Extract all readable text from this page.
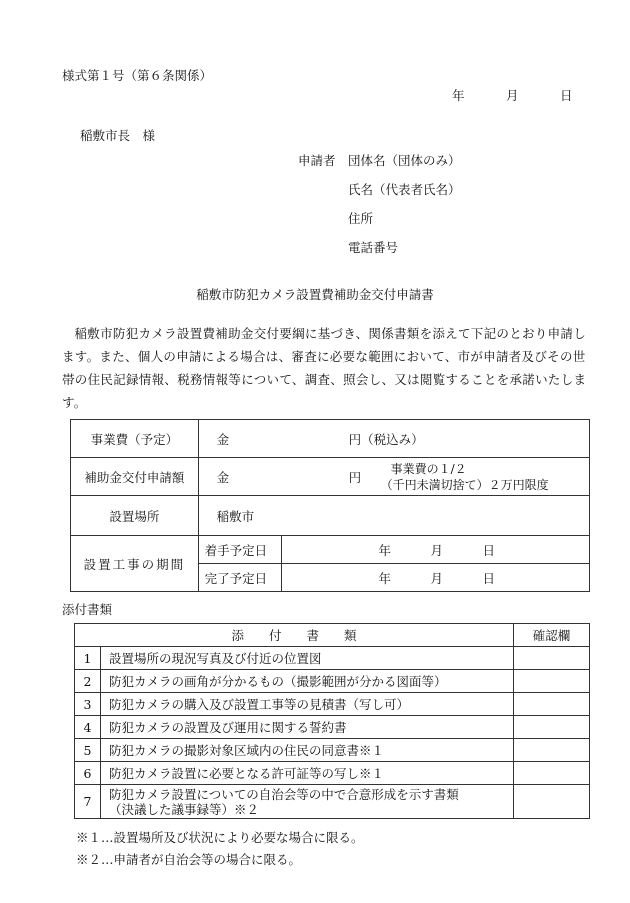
様式第１号（第６条関係）
年	月	日
稲敷市長　様
申請者 団体名（団体のみ）
氏名（代表者氏名）
住所
電話番号
稲敷市防犯カメラ設置費補助金交付申請書
稲敷市防犯カメラ設置費補助金交付要綱に基づき、関係書類を添えて下記のとおり申請します。また、個人の申請による場合は、審査に必要な範囲において、市が申請者及びその世帯の住民記録情報、税務情報等について、調査、照会し、又は閲覧することを承諾いたします。
事業費（予定）	金 円（税込み）	
補助金交付申請額	金 円
事業費の１/２
（千円未満切捨て）２万円限度	

設置場所	稲敷市	
設置工事の期間	着手予定日	年 月 日
	完了予定日	年 月 日
添付書類
添　　付　　書　　類		確認欄
1	設置場所の現況写真及び付近の位置図	
2	防犯カメラの画角が分かるもの（撮影範囲が分かる図面等）	
3	防犯カメラの購入及び設置工事等の見積書（写し可）	
4	防犯カメラの設置及び運用に関する誓約書	
5	防犯カメラの撮影対象区域内の住民の同意書※１	
6	防犯カメラ設置に必要となる許可証等の写し※１	
7	防犯カメラ設置についての自治会等の中で合意形成を示す書類
（決議した議事録等）※２	

※１…設置場所及び状況により必要な場合に限る。
※２…申請者が自治会等の場合に限る。
